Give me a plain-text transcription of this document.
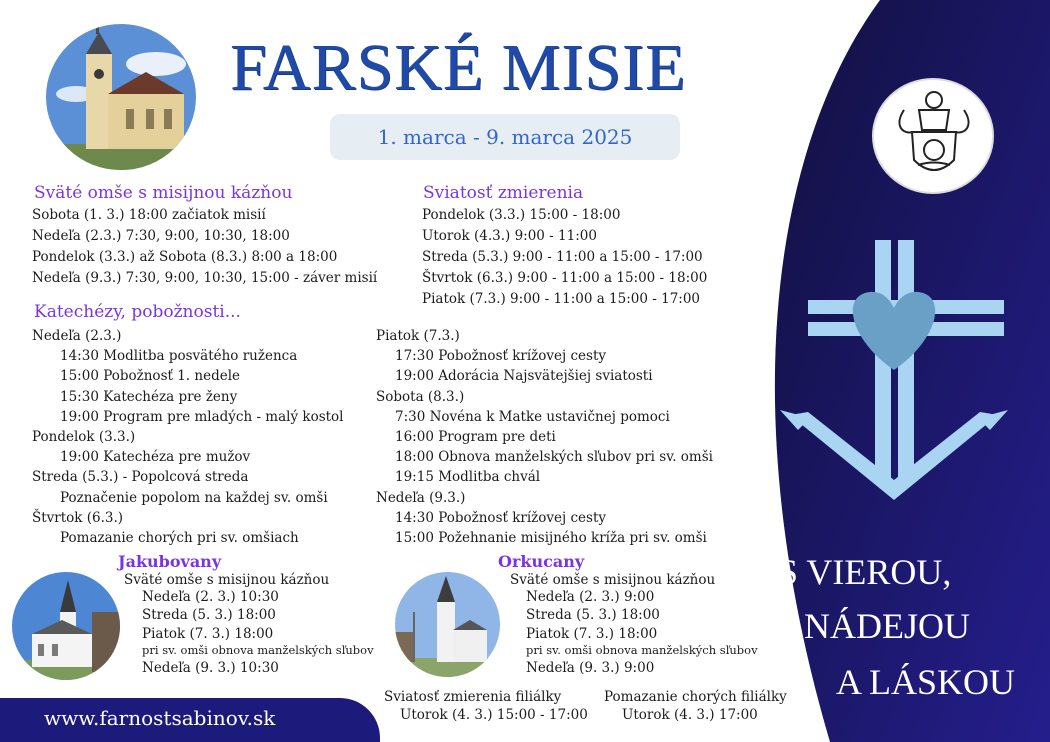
FARSKÉ MISIE
1. marca - 9. marca 2025
S VIEROU,
NÁDEJOU
A LÁSKOU
Sväté omše s misijnou kázňou
Sobota (1. 3.) 18:00 začiatok misií
Nedeľa (2.3.) 7:30, 9:00, 10:30, 18:00
Pondelok (3.3.) až Sobota (8.3.) 8:00 a 18:00
Nedeľa (9.3.) 7:30, 9:00, 10:30, 15:00 - záver misií
Sviatosť zmierenia
Pondelok (3.3.) 15:00 - 18:00
Utorok (4.3.) 9:00 - 11:00
Streda (5.3.) 9:00 - 11:00 a 15:00 - 17:00
Štvrtok (6.3.) 9:00 - 11:00 a 15:00 - 18:00
Piatok (7.3.) 9:00 - 11:00 a 15:00 - 17:00
Katechézy, pobožnosti...
Nedeľa (2.3.)
14:30 Modlitba posvätého ruženca
15:00 Pobožnosť 1. nedele
15:30 Katechéza pre ženy
19:00 Program pre mladých - malý kostol
Pondelok (3.3.)
19:00 Katechéza pre mužov
Streda (5.3.) - Popolcová streda
Poznačenie popolom na každej sv. omši
Štvrtok (6.3.)
Pomazanie chorých pri sv. omšiach
Piatok (7.3.)
17:30 Pobožnosť krížovej cesty
19:00 Adorácia Najsvätejšiej sviatosti
Sobota (8.3.)
7:30 Novéna k Matke ustavičnej pomoci
16:00 Program pre deti
18:00 Obnova manželských sľubov pri sv. omši
19:15 Modlitba chvál
Nedeľa (9.3.)
14:30 Pobožnosť krížovej cesty
15:00 Požehnanie misijného kríža pri sv. omši
Jakubovany
Sväté omše s misijnou kázňou
Nedeľa (2. 3.) 10:30
Streda (5. 3.) 18:00
Piatok (7. 3.) 18:00
pri sv. omši obnova manželských sľubov
Nedeľa (9. 3.) 10:30
Orkucany
Sväté omše s misijnou kázňou
Nedeľa (2. 3.) 9:00
Streda (5. 3.) 18:00
Piatok (7. 3.) 18:00
pri sv. omši obnova manželských sľubov
Nedeľa (9. 3.) 9:00
Sviatosť zmierenia filiálky
Utorok (4. 3.) 15:00 - 17:00
Pomazanie chorých filiálky
Utorok (4. 3.) 17:00
www.farnostsabinov.sk
